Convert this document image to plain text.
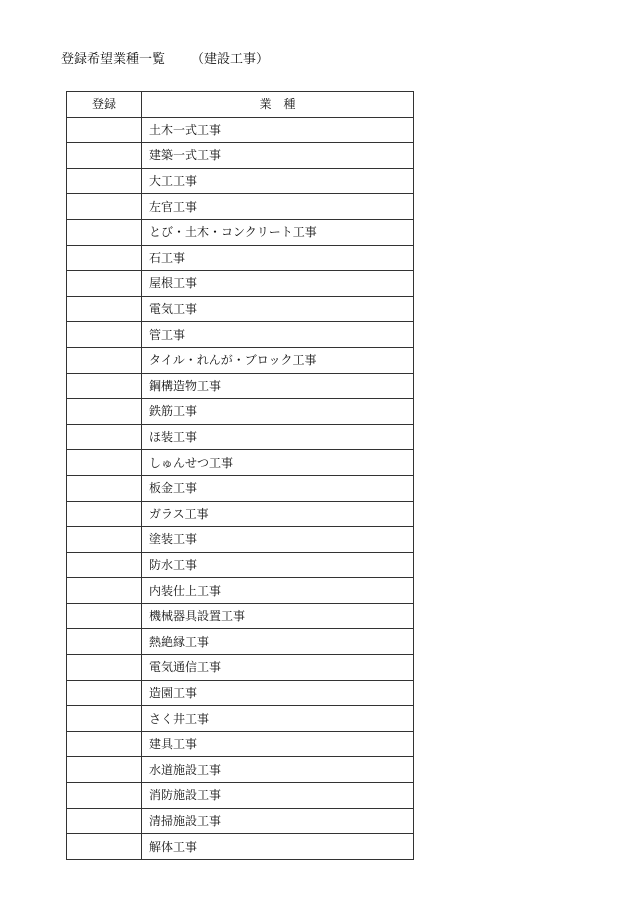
登録希望業種一覧 （建設工事）
登録	業　種
	土木一式工事
	建築一式工事
	大工工事
	左官工事
	とび・土木・コンクリート工事
	石工事
	屋根工事
	電気工事
	管工事
	タイル・れんが・ブロック工事
	鋼構造物工事
	鉄筋工事
	ほ装工事
	しゅんせつ工事
	板金工事
	ガラス工事
	塗装工事
	防水工事
	内装仕上工事
	機械器具設置工事
	熱絶縁工事
	電気通信工事
	造園工事
	さく井工事
	建具工事
	水道施設工事
	消防施設工事
	清掃施設工事
	解体工事
